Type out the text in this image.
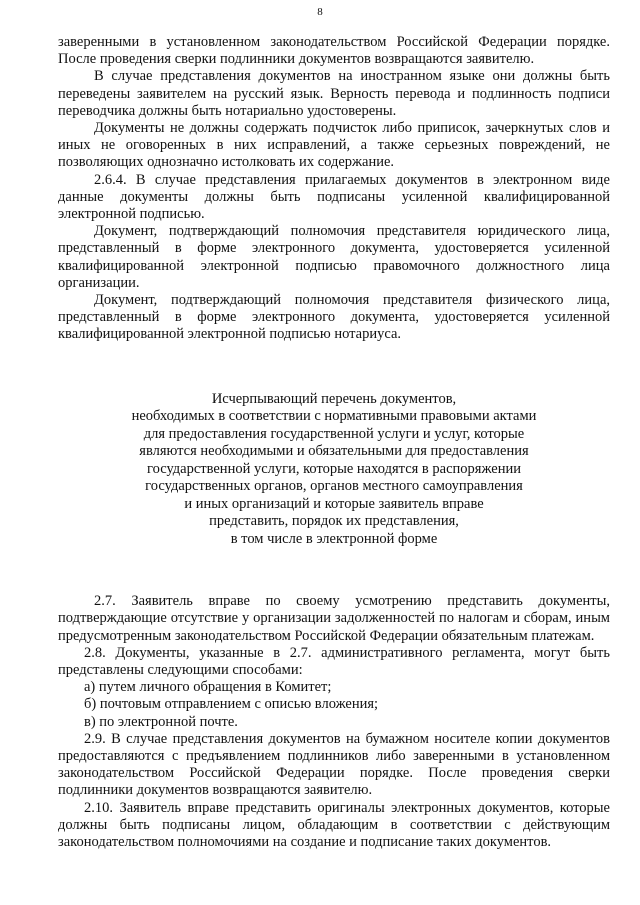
8

заверенными в установленном законодательством Российской Федерации порядке. После проведения сверки подлинники документов возвращаются заявителю.

В случае представления документов на иностранном языке они должны быть переведены заявителем на русский язык. Верность перевода и подлинность подписи переводчика должны быть нотариально удостоверены.

Документы не должны содержать подчисток либо приписок, зачеркнутых слов и иных не оговоренных в них исправлений, а также серьезных повреждений, не позволяющих однозначно истолковать их содержание.

2.6.4. В случае представления прилагаемых документов в электронном виде данные документы должны быть подписаны усиленной квалифицированной электронной подписью.

Документ, подтверждающий полномочия представителя юридического лица, представленный в форме электронного документа, удостоверяется усиленной квалифицированной электронной подписью правомочного должностного лица организации.

Документ, подтверждающий полномочия представителя физического лица, представленный в форме электронного документа, удостоверяется усиленной квалифицированной электронной подписью нотариуса.

Исчерпывающий перечень документов,
необходимых в соответствии с нормативными правовыми актами
для предоставления государственной услуги и услуг, которые
являются необходимыми и обязательными для предоставления
государственной услуги, которые находятся в распоряжении
государственных органов, органов местного самоуправления
и иных организаций и которые заявитель вправе
представить, порядок их представления,
в том числе в электронной форме

2.7. Заявитель вправе по своему усмотрению представить документы, подтверждающие отсутствие у организации задолженностей по налогам и сборам, иным предусмотренным законодательством Российской Федерации обязательным платежам.

2.8. Документы, указанные в 2.7. административного регламента, могут быть представлены следующими способами:

а) путем личного обращения в Комитет;

б) почтовым отправлением с описью вложения;

в) по электронной почте.

2.9. В случае представления документов на бумажном носителе копии документов предоставляются с предъявлением подлинников либо заверенными в установленном законодательством Российской Федерации порядке. После проведения сверки подлинники документов возвращаются заявителю.

2.10. Заявитель вправе представить оригиналы электронных документов, которые должны быть подписаны лицом, обладающим в соответствии с действующим законодательством полномочиями на создание и подписание таких документов.
